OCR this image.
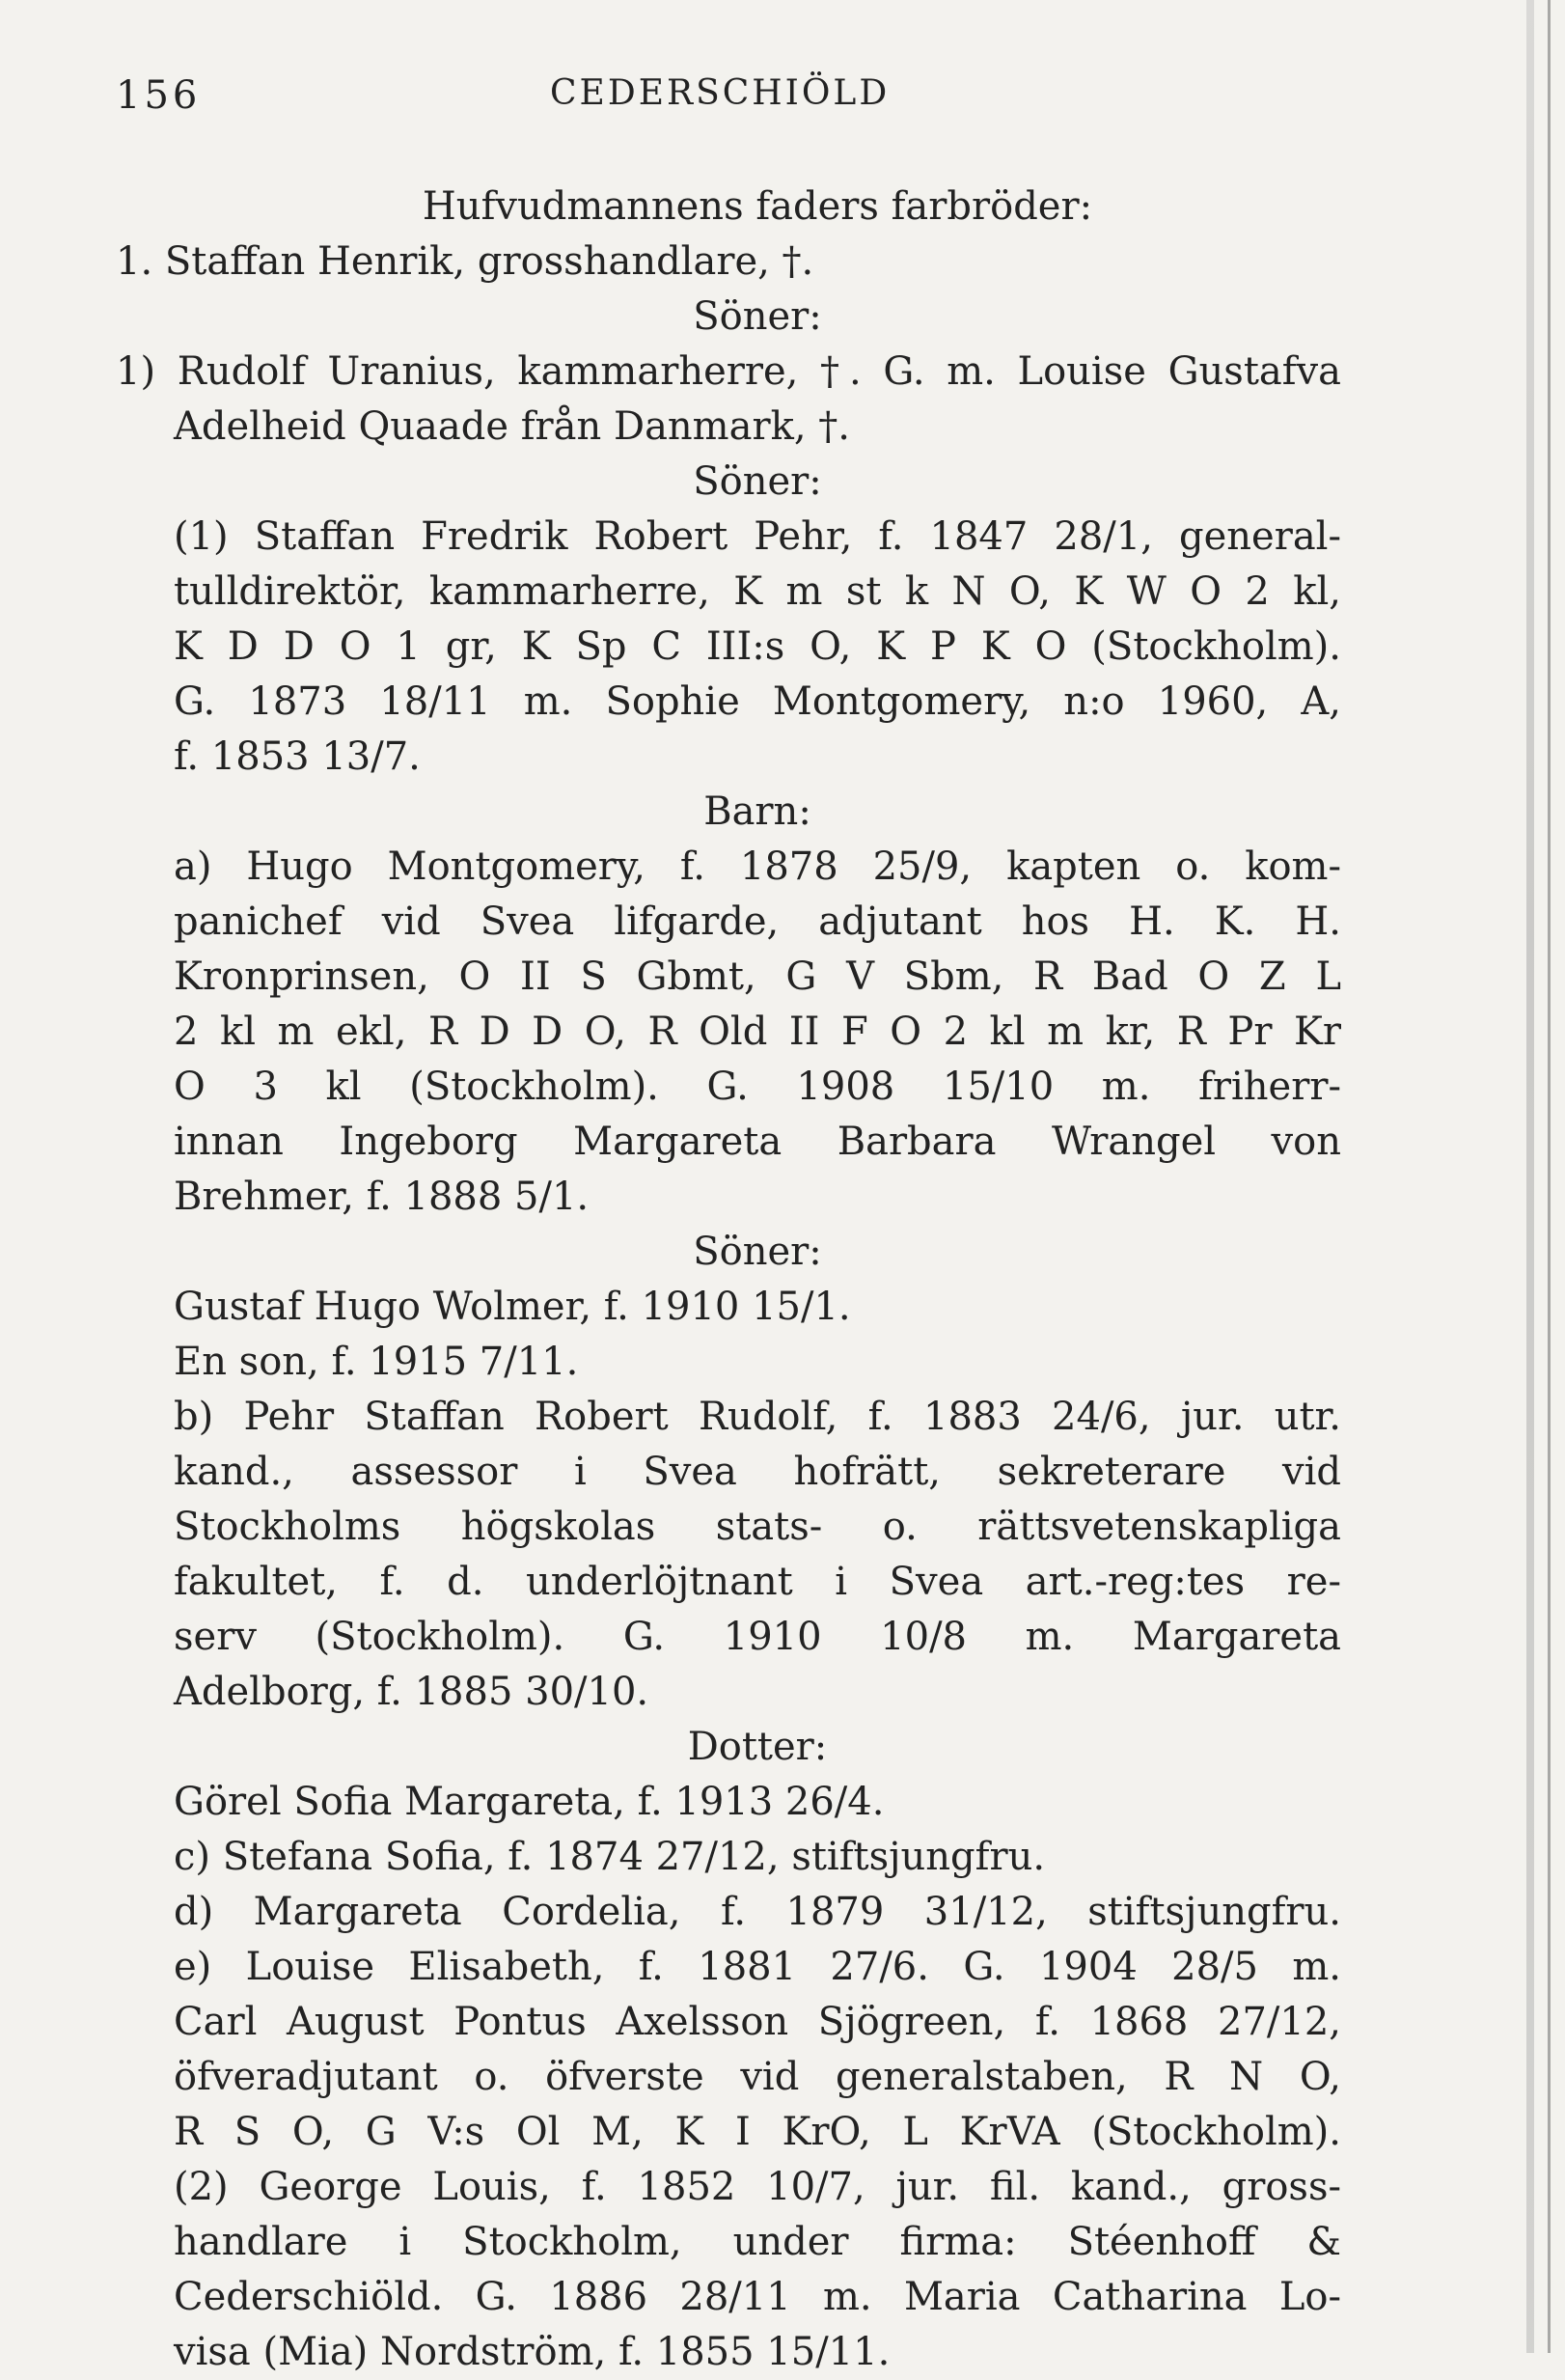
156	CEDERSCHIÖLD
Hufvudmannens faders farbröder:
1. Staffan Henrik, grosshandlare, †.
Söner:
1) Rudolf Uranius, kammarherre, †. G. m. Louise Gustafva
Adelheid Quaade från Danmark, †.
Söner:
(1) Staffan Fredrik Robert Pehr, f. 1847 28/1, general-
tulldirektör, kammarherre, K m st k N O, K W O 2 kl,
K D D O 1 gr, K Sp C III:s O, K P K O (Stockholm).
G. 1873 18/11 m. Sophie Montgomery, n:o 1960, A,
f. 1853 13/7.
Barn:
a) Hugo Montgomery, f. 1878 25/9, kapten o. kom-
panichef vid Svea lifgarde, adjutant hos H. K. H.
Kronprinsen, O II S Gbmt, G V Sbm, R Bad O Z L
2 kl m ekl, R D D O, R Old II F O 2 kl m kr, R Pr Kr
O 3 kl (Stockholm). G. 1908 15/10 m. friherr-
innan Ingeborg Margareta Barbara Wrangel von
Brehmer, f. 1888 5/1.
Söner:
Gustaf Hugo Wolmer, f. 1910 15/1.
En son, f. 1915 7/11.
b) Pehr Staffan Robert Rudolf, f. 1883 24/6, jur. utr.
kand., assessor i Svea hofrätt, sekreterare vid
Stockholms högskolas stats- o. rättsvetenskapliga
fakultet, f. d. underlöjtnant i Svea art.-reg:tes re-
serv (Stockholm). G. 1910 10/8 m. Margareta
Adelborg, f. 1885 30/10.
Dotter:
Görel Sofia Margareta, f. 1913 26/4.
c) Stefana Sofia, f. 1874 27/12, stiftsjungfru.
d) Margareta Cordelia, f. 1879 31/12, stiftsjungfru.
e) Louise Elisabeth, f. 1881 27/6. G. 1904 28/5 m.
Carl August Pontus Axelsson Sjögreen, f. 1868 27/12,
öfveradjutant o. öfverste vid generalstaben, R N O,
R S O, G V:s Ol M, K I KrO, L KrVA (Stockholm).
(2) George Louis, f. 1852 10/7, jur. fil. kand., gross-
handlare i Stockholm, under firma: Stéenhoff &
Cederschiöld. G. 1886 28/11 m. Maria Catharina Lo-
visa (Mia) Nordström, f. 1855 15/11.
